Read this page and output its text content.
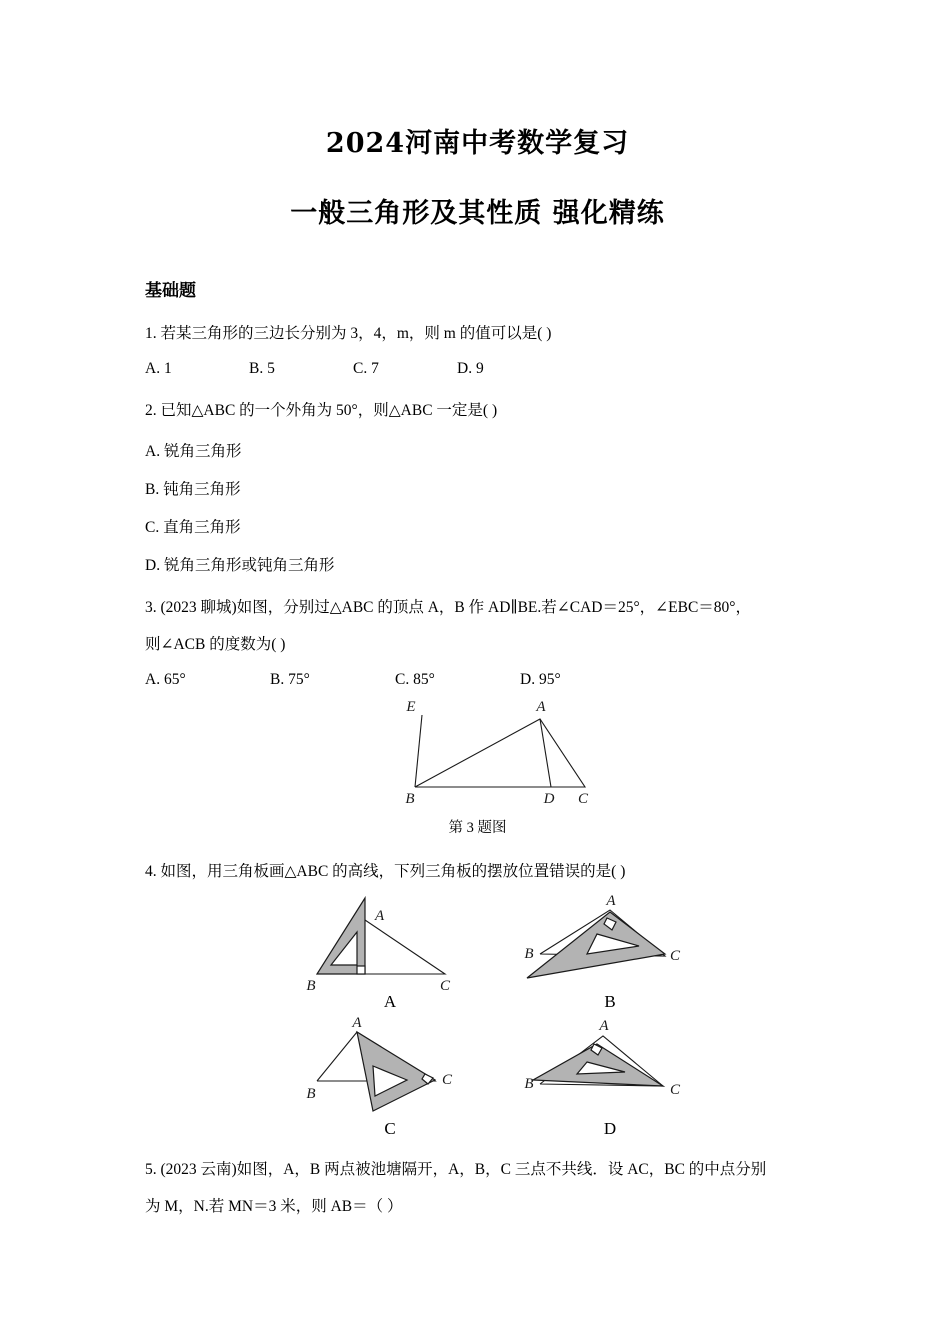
2024河南中考数学复习
一般三角形及其性质 强化精练
基础题
1. 若某三角形的三边长分别为 3，4，m，则 m 的值可以是( )
A. 1	B. 5	C. 7	D. 9
2. 已知△ABC 的一个外角为 50°，则△ABC 一定是( )
A. 锐角三角形
B. 钝角三角形
C. 直角三角形
D. 锐角三角形或钝角三角形
3. (2023 聊城)如图，分别过△ABC 的顶点 A，B 作 AD∥BE.若∠CAD＝25°，∠EBC＝80°，
则∠ACB 的度数为( )
A. 65°	B. 75°	C. 85°	D. 95°
E	A
B	D C
第 3 题图
4. 如图，用三角板画△ABC 的高线，下列三角板的摆放位置错误的是( )
A
B	C
A
A
B	C
B
A
B
C
C
A
B	C
D
5. (2023 云南)如图，A，B 两点被池塘隔开，A，B，C 三点不共线．设 AC，BC 的中点分别
为 M，N.若 MN＝3 米，则 AB＝（ ）
